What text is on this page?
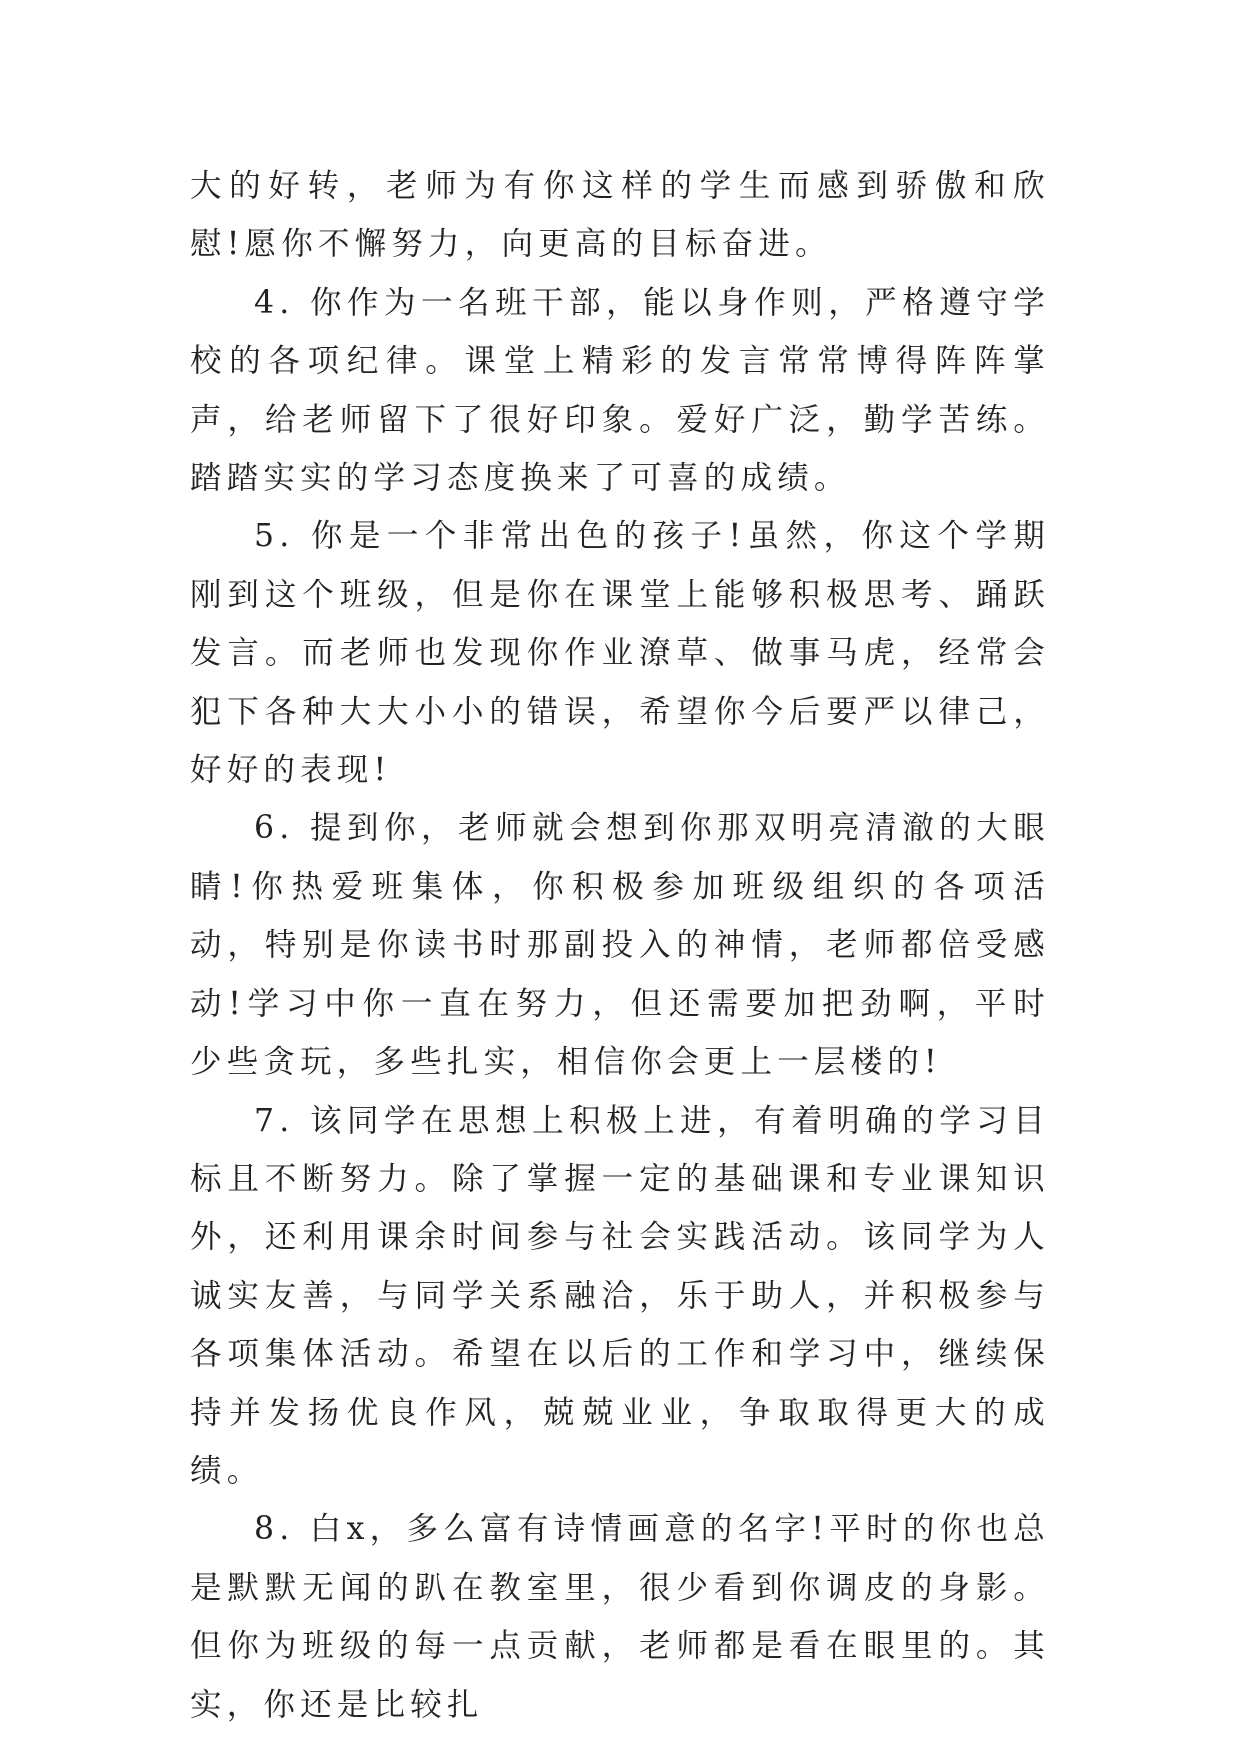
大的好转，老师为有你这样的学生而感到骄傲和欣慰!愿你不懈努力，向更高的目标奋进。

4. 你作为一名班干部，能以身作则，严格遵守学校的各项纪律。课堂上精彩的发言常常博得阵阵掌声，给老师留下了很好印象。爱好广泛，勤学苦练。踏踏实实的学习态度换来了可喜的成绩。

5. 你是一个非常出色的孩子!虽然，你这个学期刚到这个班级，但是你在课堂上能够积极思考、踊跃发言。而老师也发现你作业潦草、做事马虎，经常会犯下各种大大小小的错误，希望你今后要严以律己，好好的表现!

6. 提到你，老师就会想到你那双明亮清澈的大眼睛!你热爱班集体，你积极参加班级组织的各项活动，特别是你读书时那副投入的神情，老师都倍受感动!学习中你一直在努力，但还需要加把劲啊，平时少些贪玩，多些扎实，相信你会更上一层楼的!

7. 该同学在思想上积极上进，有着明确的学习目标且不断努力。除了掌握一定的基础课和专业课知识外，还利用课余时间参与社会实践活动。该同学为人诚实友善，与同学关系融洽，乐于助人，并积极参与各项集体活动。希望在以后的工作和学习中，继续保持并发扬优良作风，兢兢业业，争取取得更大的成绩。

8. 白x，多么富有诗情画意的名字!平时的你也总是默默无闻的趴在教室里，很少看到你调皮的身影。但你为班级的每一点贡献，老师都是看在眼里的。其实，你还是比较扎
